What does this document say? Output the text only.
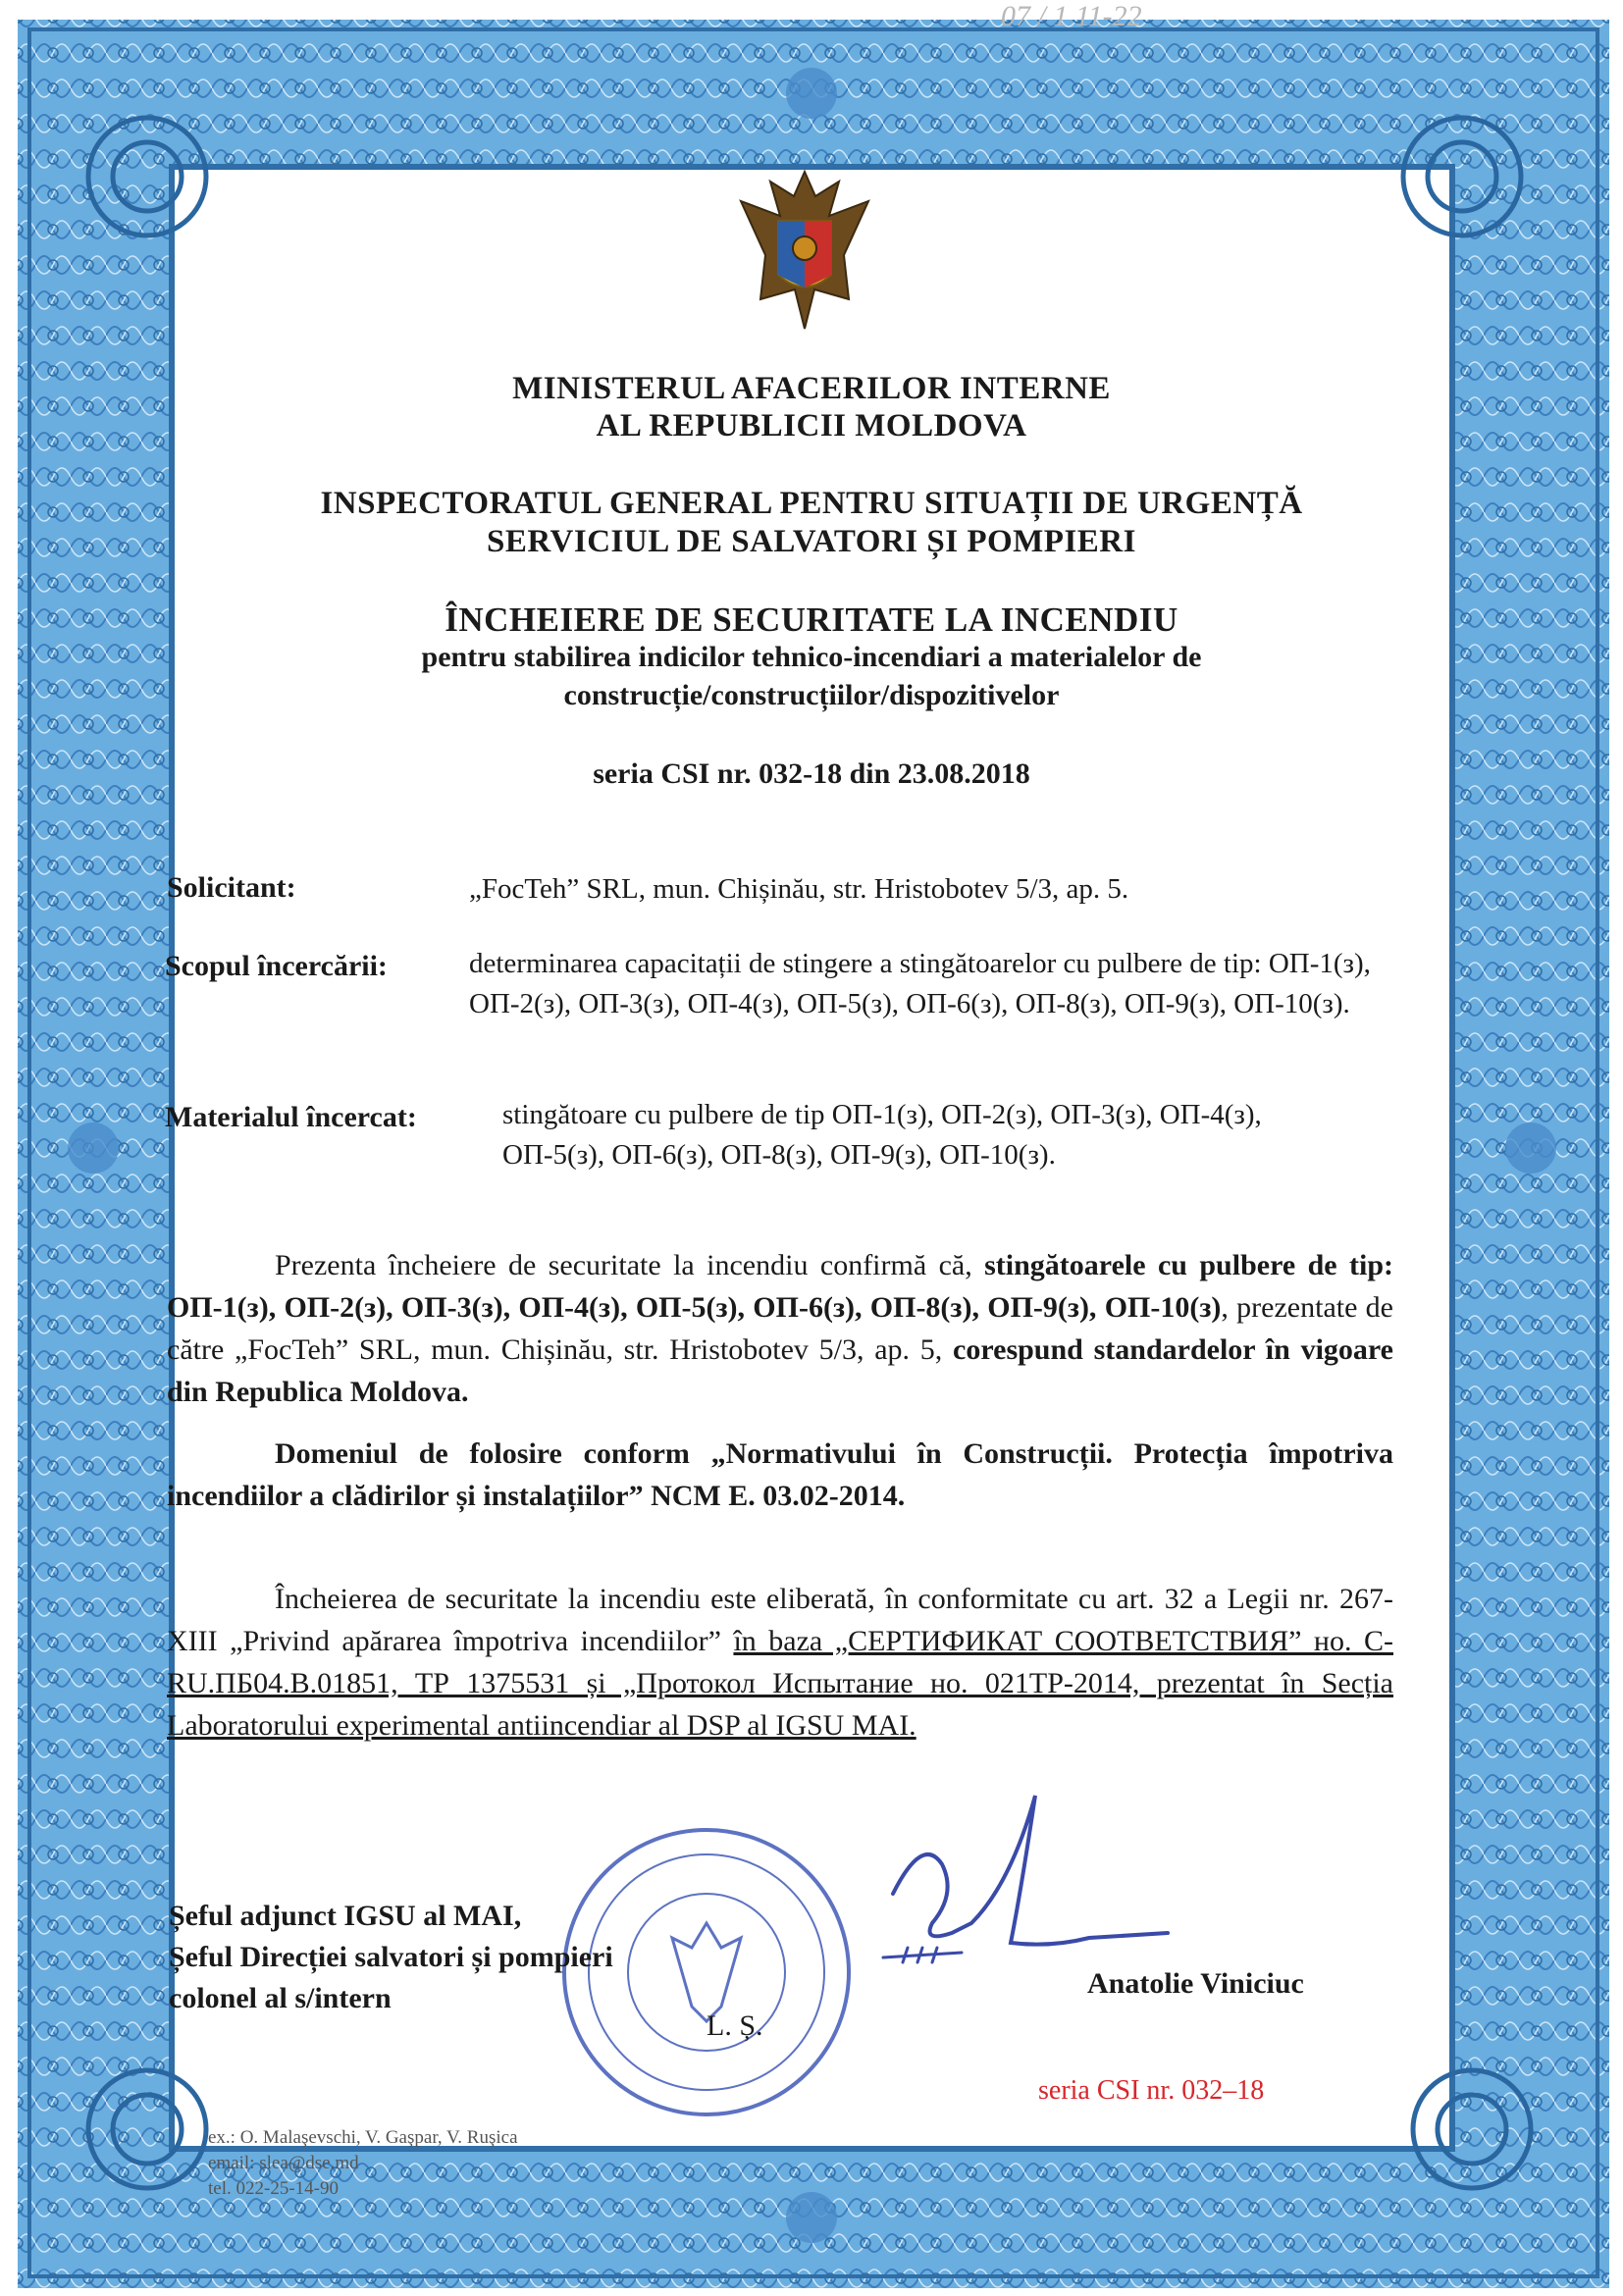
MINISTERUL AFACERILOR INTERNE
AL REPUBLICII MOLDOVA
INSPECTORATUL GENERAL PENTRU SITUAȚII DE URGENȚĂ
SERVICIUL DE SALVATORI ȘI POMPIERI
ÎNCHEIERE DE SECURITATE LA INCENDIU
pentru stabilirea indicilor tehnico-incendiari a materialelor de
construcție/construcțiilor/dispozitivelor
seria CSI nr. 032-18 din 23.08.2018
Solicitant:	„FocTeh” SRL, mun. Chișinău, str. Hristobotev 5/3, ap. 5.
Scopul încercării:	determinarea capacitații de stingere a stingătoarelor cu pulbere de tip: ОП-1(з), ОП-2(з), ОП-3(з), ОП-4(з), ОП-5(з), ОП-6(з), ОП-8(з), ОП-9(з), ОП-10(з).
Materialul încercat:	stingătoare cu pulbere de tip ОП-1(з), ОП-2(з), ОП-3(з), ОП-4(з), ОП-5(з), ОП-6(з), ОП-8(з), ОП-9(з), ОП-10(з).
Prezenta încheiere de securitate la incendiu confirmă că, stingătoarele cu pulbere de tip: ОП-1(з), ОП-2(з), ОП-3(з), ОП-4(з), ОП-5(з), ОП-6(з), ОП-8(з), ОП-9(з), ОП-10(з), prezentate de către „FocTeh” SRL, mun. Chișinău, str. Hristobotev 5/3, ap. 5, corespund standardelor în vigoare din Republica Moldova.
Domeniul de folosire conform „Normativului în Construcții. Protecția împotriva incendiilor a clădirilor și instalațiilor” NCM E. 03.02-2014.
Încheierea de securitate la incendiu este eliberată, în conformitate cu art. 32 a Legii nr. 267-XIII „Privind apărarea împotriva incendiilor” în baza „СЕРТИФИКАТ СООТВЕТСТВИЯ” но. C-RU.ПБ04.В.01851, ТР 1375531 și „Протокол Испытание но. 021ТР-2014, prezentat în Secția Laboratorului experimental antiincendiar al DSP al IGSU MAI.
Șeful adjunct IGSU al MAI,
Șeful Direcției salvatori și pompieri
colonel al s/intern
L. Ș.
Anatolie Viniciuc
seria CSI nr. 032–18
07 / 1 11-22
ex.: O. Malaşevschi, V. Gaşpar, V. Ruşica
email: slea@dse.md
tel. 022-25-14-90
